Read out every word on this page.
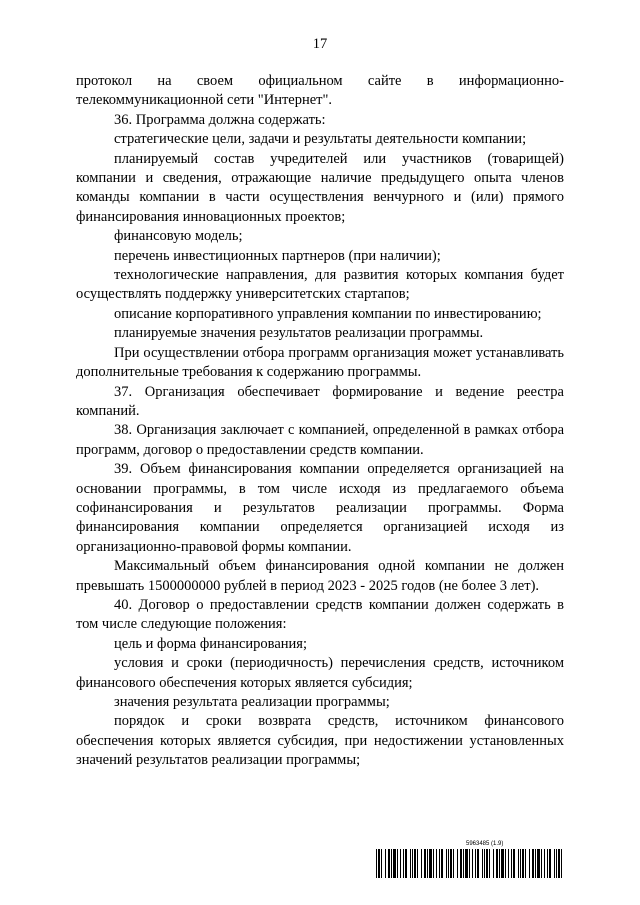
17

протокол на своем официальном сайте в информационно-телекоммуникационной сети "Интернет".

36. Программа должна содержать:

стратегические цели, задачи и результаты деятельности компании;

планируемый состав учредителей или участников (товарищей) компании и сведения, отражающие наличие предыдущего опыта членов команды компании в части осуществления венчурного и (или) прямого финансирования инновационных проектов;

финансовую модель;

перечень инвестиционных партнеров (при наличии);

технологические направления, для развития которых компания будет осуществлять поддержку университетских стартапов;

описание корпоративного управления компании по инвестированию;

планируемые значения результатов реализации программы.

При осуществлении отбора программ организация может устанавливать дополнительные требования к содержанию программы.

37. Организация обеспечивает формирование и ведение реестра компаний.

38. Организация заключает с компанией, определенной в рамках отбора программ, договор о предоставлении средств компании.

39. Объем финансирования компании определяется организацией на основании программы, в том числе исходя из предлагаемого объема софинансирования и результатов реализации программы. Форма финансирования компании определяется организацией исходя из организационно-правовой формы компании.

Максимальный объем финансирования одной компании не должен превышать 1500000000 рублей в период 2023 - 2025 годов (не более 3 лет).

40. Договор о предоставлении средств компании должен содержать в том числе следующие положения:

цель и форма финансирования;

условия и сроки (периодичность) перечисления средств, источником финансового обеспечения которых является субсидия;

значения результата реализации программы;

порядок и сроки возврата средств, источником финансового обеспечения которых является субсидия, при недостижении установленных значений результатов реализации программы;

5963485 (1.9)
